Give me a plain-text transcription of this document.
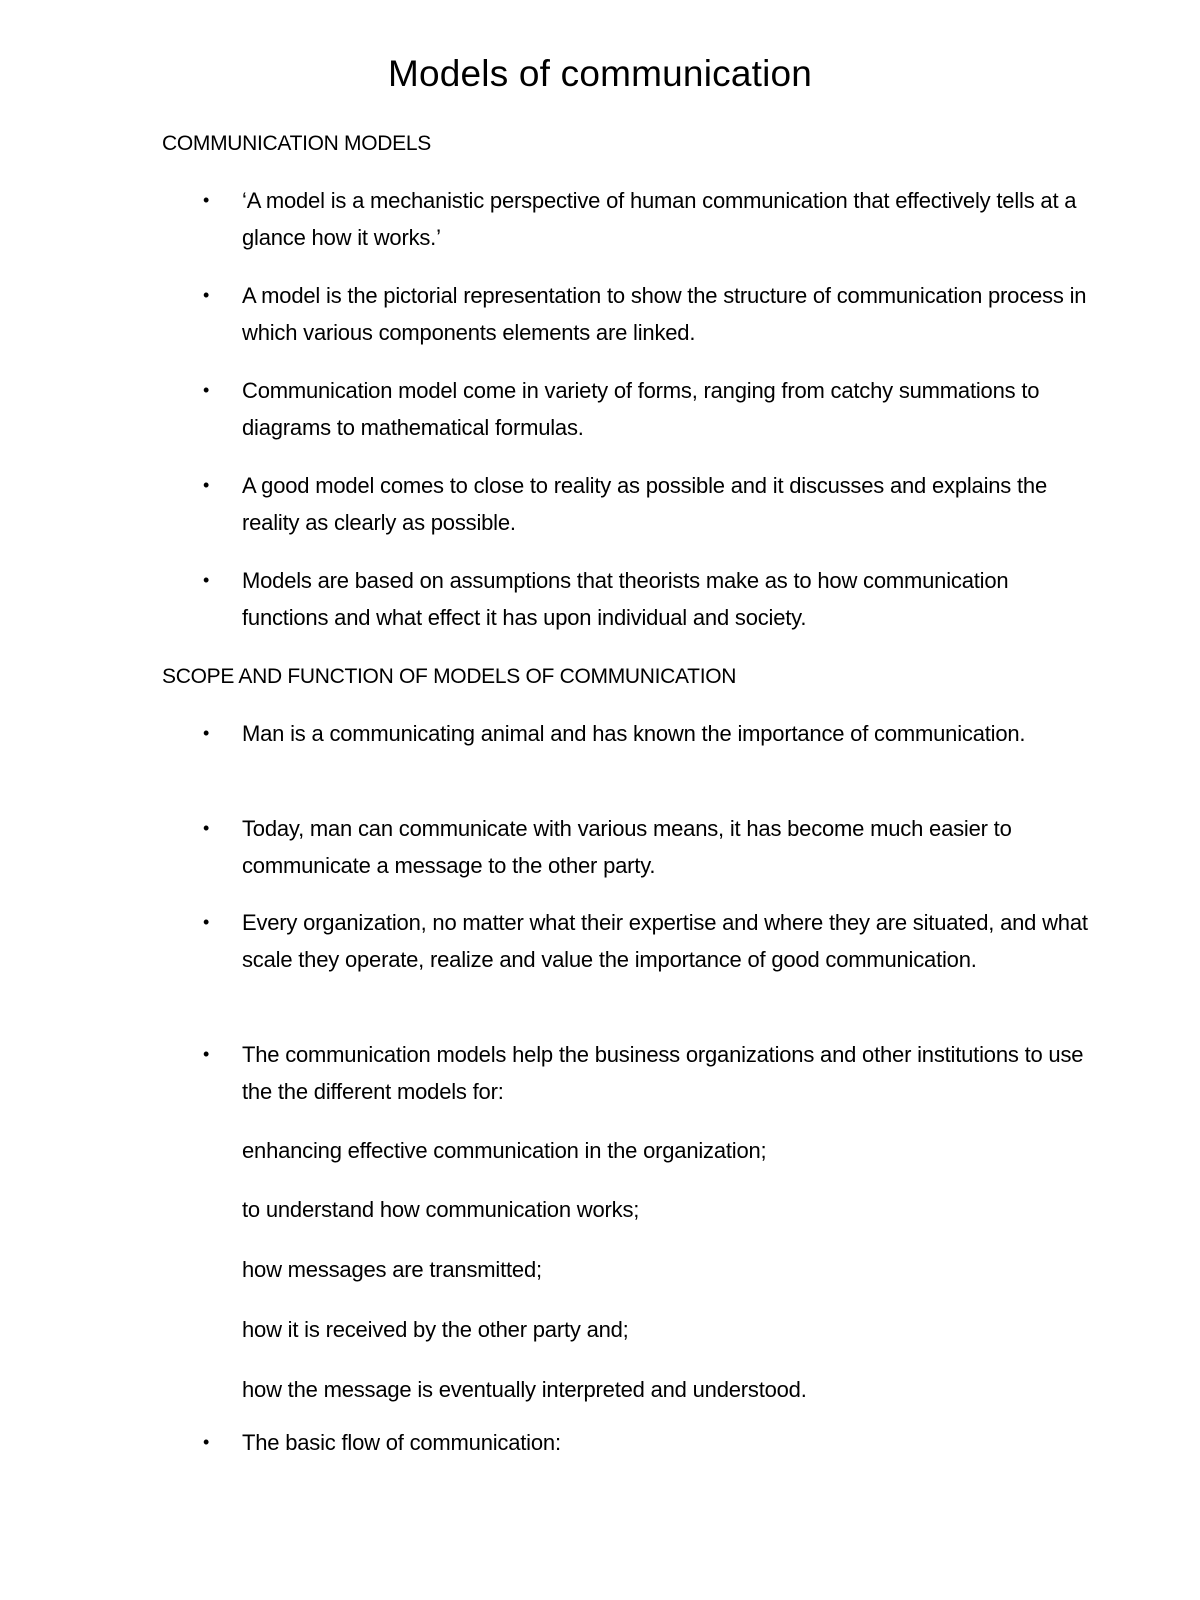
Models of communication
COMMUNICATION MODELS
• ‘A model is a mechanistic perspective of human communication that effectively tells at a glance how it works.’
• A model is the pictorial representation to show the structure of communication process in which various components elements are linked.
• Communication model come in variety of forms, ranging from catchy summations to diagrams to mathematical formulas.
• A good model comes to close to reality as possible and it discusses and explains the reality as clearly as possible.
• Models are based on assumptions that theorists make as to how communication functions and what effect it has upon individual and society.
SCOPE AND FUNCTION OF MODELS OF COMMUNICATION
• Man is a communicating animal and has known the importance of communication.
• Today, man can communicate with various means, it has become much easier to communicate a message to the other party.
• Every organization, no matter what their expertise and where they are situated, and what scale they operate, realize and value the importance of good communication.
• The communication models help the business organizations and other institutions to use the the different models for:
enhancing effective communication in the organization;
to understand how communication works;
how messages are transmitted;
how it is received by the other party and;
how the message is eventually interpreted and understood.
• The basic flow of communication:
